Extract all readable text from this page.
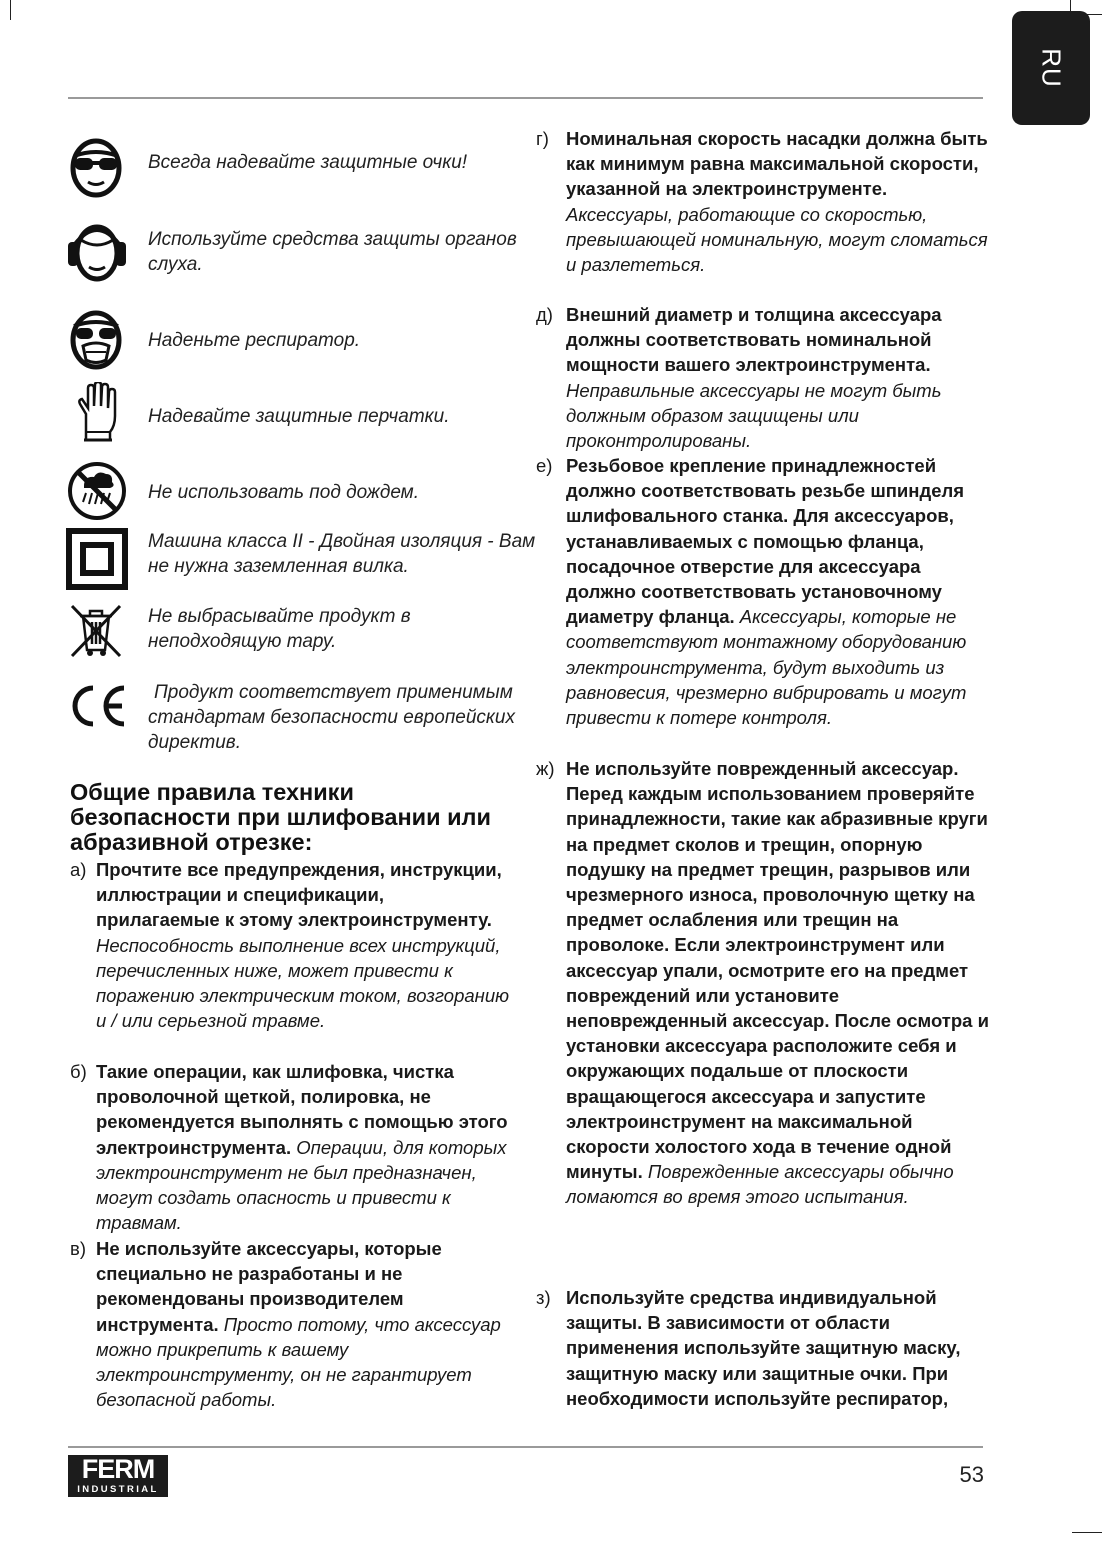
RU
Всегда надевайте защитные очки!
Используйте средства защиты органов слуха.
Наденьте респиратор.
Надевайте защитные перчатки.
Не использовать под дождем.
Машина класса II - Двойная изоляция - Вам не нужна заземленная вилка.
Не выбрасывайте продукт в неподходящую тару.
Продукт соответствует применимым стандартам безопасности европейских директив.
Общие правила техники безопасности при шлифовании или абразивной отрезке:
а) Прочтите все предупреждения, инструкции, иллюстрации и спецификации, прилагаемые к этому электроинструменту. Неспособность выполнение всех инструкций, перечисленных ниже, может привести к поражению электрическим током, возгоранию и / или серьезной травме.
б) Такие операции, как шлифовка, чистка проволочной щеткой, полировка, не рекомендуется выполнять с помощью этого электроинструмента. Операции, для которых электроинструмент не был предназначен, могут создать опасность и привести к травмам.
в) Не используйте аксессуары, которые специально не разработаны и не рекомендованы производителем инструмента. Просто потому, что аксессуар можно прикрепить к вашему электроинструменту, он не гарантирует безопасной работы.
г) Номинальная скорость насадки должна быть как минимум равна максимальной скорости, указанной на электроинструменте. Аксессуары, работающие со скоростью, превышающей номинальную, могут сломаться и разлететься.
д) Внешний диаметр и толщина аксессуара должны соответствовать номинальной мощности вашего электроинструмента. Неправильные аксессуары не могут быть должным образом защищены или проконтролированы.
е) Резьбовое крепление принадлежностей должно соответствовать резьбе шпинделя шлифовального станка. Для аксессуаров, устанавливаемых с помощью фланца, посадочное отверстие для аксессуара должно соответствовать установочному диаметру фланца. Аксессуары, которые не соответствуют монтажному оборудованию электроинструмента, будут выходить из равновесия, чрезмерно вибрировать и могут привести к потере контроля.
ж) Не используйте поврежденный аксессуар. Перед каждым использованием проверяйте принадлежности, такие как абразивные круги на предмет сколов и трещин, опорную подушку на предмет трещин, разрывов или чрезмерного износа, проволочную щетку на предмет ослабления или трещин на проволоке. Если электроинструмент или аксессуар упали, осмотрите его на предмет повреждений или установите неповрежденный аксессуар. После осмотра и установки аксессуара расположите себя и окружающих подальше от плоскости вращающегося аксессуара и запустите электроинструмент на максимальной скорости холостого хода в течение одной минуты. Поврежденные аксессуары обычно ломаются во время этого испытания.
з) Используйте средства индивидуальной защиты. В зависимости от области применения используйте защитную маску, защитную маску или защитные очки. При необходимости используйте респиратор,
FERM
INDUSTRIAL
53
